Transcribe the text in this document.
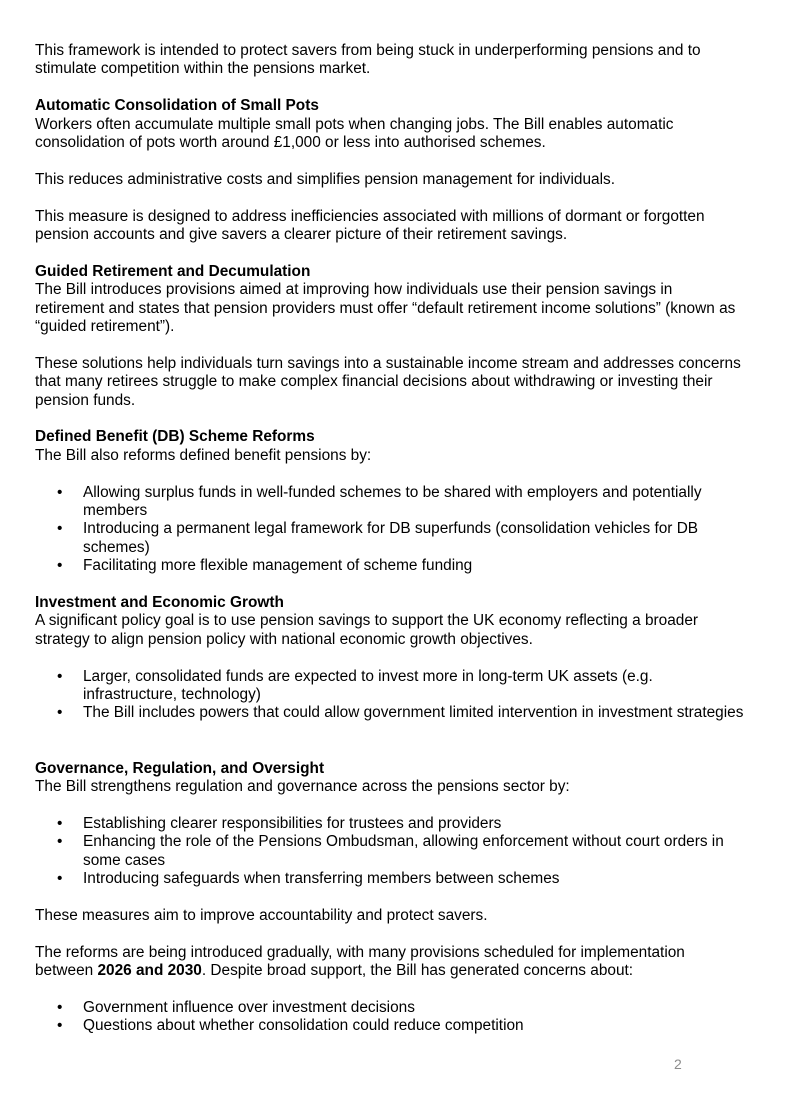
This framework is intended to protect savers from being stuck in underperforming pensions and to stimulate competition within the pensions market.

Automatic Consolidation of Small Pots

Workers often accumulate multiple small pots when changing jobs. The Bill enables automatic consolidation of pots worth around £1,000 or less into authorised schemes.

This reduces administrative costs and simplifies pension management for individuals.

This measure is designed to address inefficiencies associated with millions of dormant or forgotten pension accounts and give savers a clearer picture of their retirement savings.

Guided Retirement and Decumulation

The Bill introduces provisions aimed at improving how individuals use their pension savings in retirement and states that pension providers must offer “default retirement income solutions” (known as “guided retirement”).

These solutions help individuals turn savings into a sustainable income stream and addresses concerns that many retirees struggle to make complex financial decisions about withdrawing or investing their pension funds.

Defined Benefit (DB) Scheme Reforms

The Bill also reforms defined benefit pensions by:

• Allowing surplus funds in well-funded schemes to be shared with employers and potentially members
• Introducing a permanent legal framework for DB superfunds (consolidation vehicles for DB schemes)
• Facilitating more flexible management of scheme funding

Investment and Economic Growth

A significant policy goal is to use pension savings to support the UK economy reflecting a broader strategy to align pension policy with national economic growth objectives.

• Larger, consolidated funds are expected to invest more in long-term UK assets (e.g. infrastructure, technology)
• The Bill includes powers that could allow government limited intervention in investment strategies

Governance, Regulation, and Oversight

The Bill strengthens regulation and governance across the pensions sector by:

• Establishing clearer responsibilities for trustees and providers
• Enhancing the role of the Pensions Ombudsman, allowing enforcement without court orders in some cases
• Introducing safeguards when transferring members between schemes

These measures aim to improve accountability and protect savers.

The reforms are being introduced gradually, with many provisions scheduled for implementation between 2026 and 2030. Despite broad support, the Bill has generated concerns about:

• Government influence over investment decisions
• Questions about whether consolidation could reduce competition
2
